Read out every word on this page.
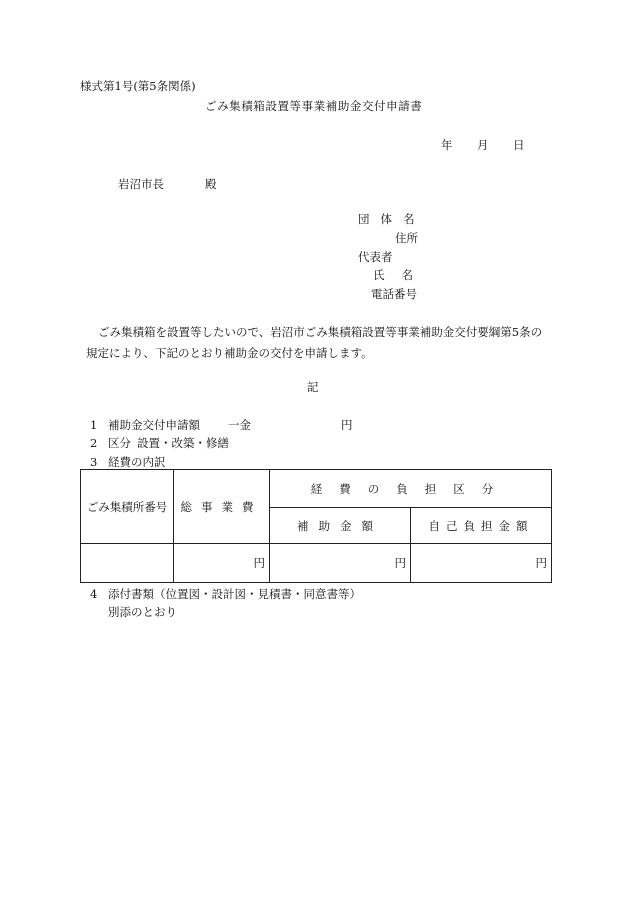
様式第1号(第5条関係)
ごみ集積箱設置等事業補助金交付申請書
年 月 日
岩沼市長	殿
団体名
住所
代表者
氏名
電話番号
ごみ集積箱を設置等したいので、岩沼市ごみ集積箱設置等事業補助金交付要綱第5条の
規定により、下記のとおり補助金の交付を申請します。
記
1 補助金交付申請額 一金	円
2 区分 設置・改築・修繕
3 経費の内訳
ごみ集積所番号	総事業費	経費の負担区分	
		補助金額	自己負担金額
	円	円	円
4 添付書類（位置図・設計図・見積書・同意書等）
別添のとおり
